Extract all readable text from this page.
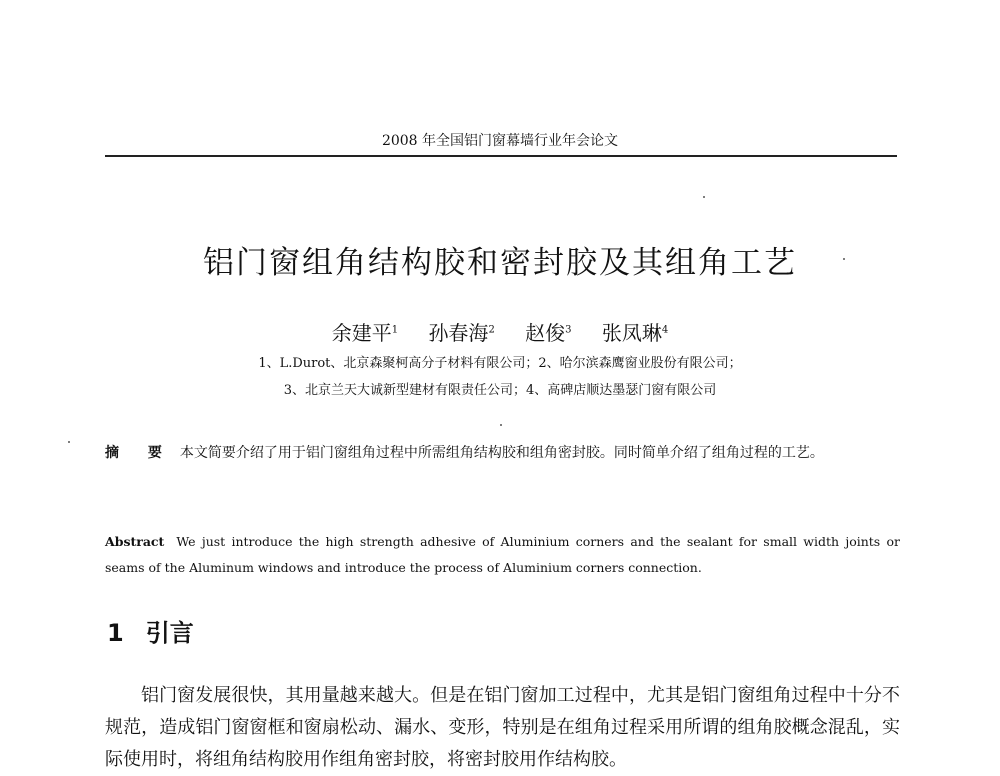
2008 年全国铝门窗幕墙行业年会论文
铝门窗组角结构胶和密封胶及其组角工艺
余建平$^1$ 孙春海$^2$ 赵俊$^3$ 张凤琳$^4$
1、L.Durot、北京森聚柯高分子材料有限公司；2、哈尔滨森鹰窗业股份有限公司；
3、北京兰天大诚新型建材有限责任公司；4、高碑店顺达墨瑟门窗有限公司
摘 要 本文简要介绍了用于铝门窗组角过程中所需组角结构胶和组角密封胶。同时简单介绍了组角过程的工艺。
Abstract We just introduce the high strength adhesive of Aluminium corners and the sealant for small width joints or seams of the Aluminum windows and introduce the process of Aluminium corners connection.
1 引言
铝门窗发展很快，其用量越来越大。但是在铝门窗加工过程中，尤其是铝门窗组角过程中十分不规范，造成铝门窗窗框和窗扇松动、漏水、变形，特别是在组角过程采用所谓的组角胶概念混乱，实际使用时，将组角结构胶用作组角密封胶，将密封胶用作结构胶。
